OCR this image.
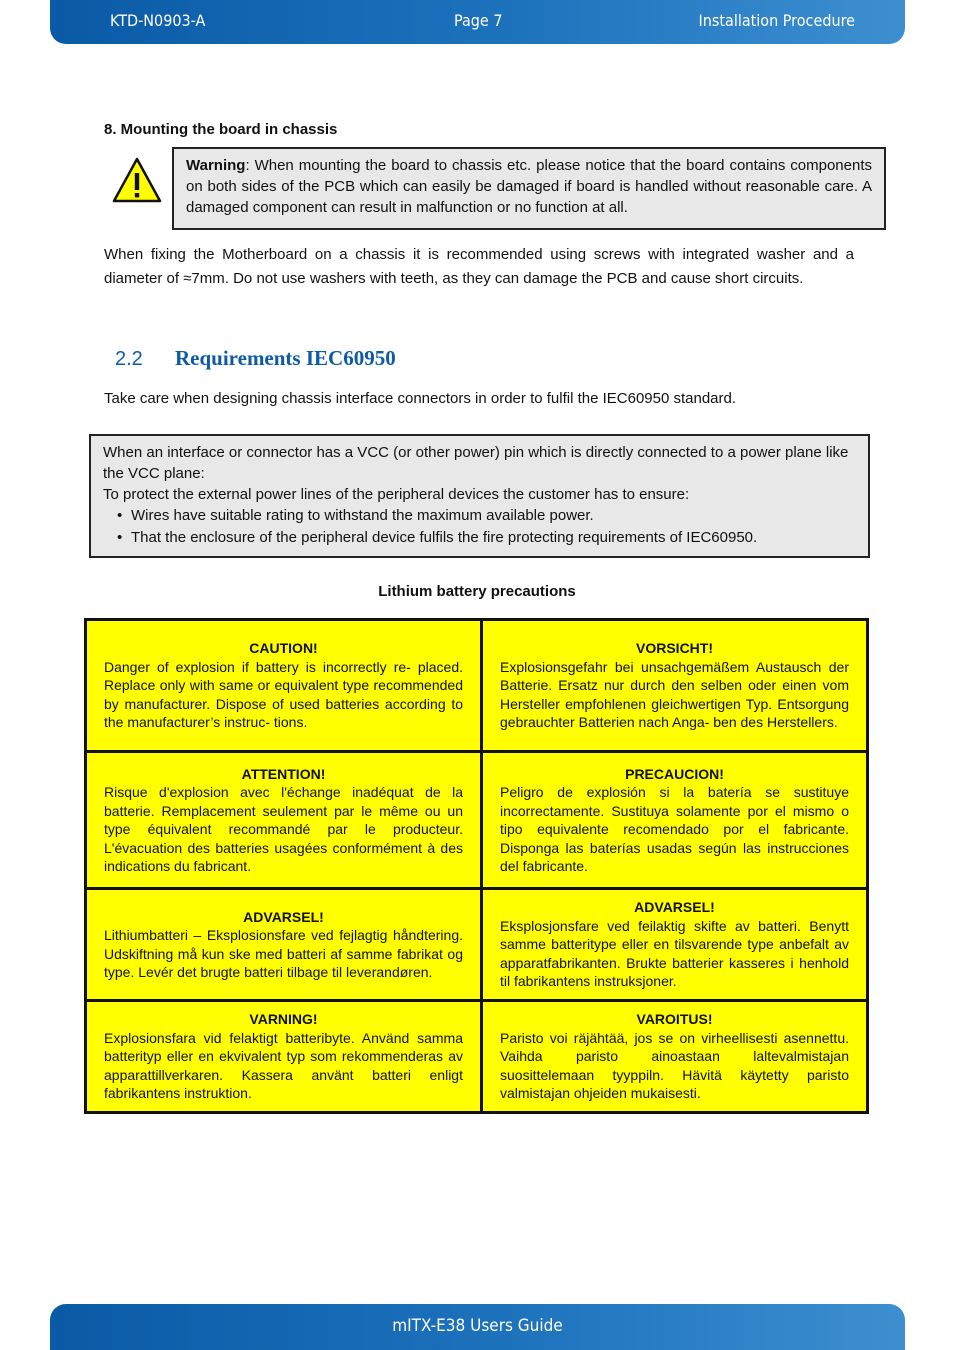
KTD-N0903-A	Page 7	Installation Procedure
8. Mounting the board in chassis
Warning: When mounting the board to chassis etc. please notice that the board contains components on both sides of the PCB which can easily be damaged if board is handled without reasonable care. A damaged component can result in malfunction or no function at all.
When fixing the Motherboard on a chassis it is recommended using screws with integrated washer and a diameter of ≈7mm. Do not use washers with teeth, as they can damage the PCB and cause short circuits.
2.2 Requirements IEC60950
Take care when designing chassis interface connectors in order to fulfil the IEC60950 standard.
When an interface or connector has a VCC (or other power) pin which is directly connected to a power plane like the VCC plane:
To protect the external power lines of the peripheral devices the customer has to ensure:
• Wires have suitable rating to withstand the maximum available power.
• That the enclosure of the peripheral device fulfils the fire protecting requirements of IEC60950.
Lithium battery precautions
CAUTION!
Danger of explosion if battery is incorrectly re- placed. Replace only with same or equivalent type recommended by manufacturer. Dispose of used batteries according to the manufacturer’s instruc- tions.
VORSICHT!
Explosionsgefahr bei unsachgemäßem Austausch der Batterie. Ersatz nur durch den selben oder einen vom Hersteller empfohlenen gleichwertigen Typ. Entsorgung gebrauchter Batterien nach Anga- ben des Herstellers.
ATTENTION!
Risque d'explosion avec l'échange inadéquat de la batterie. Remplacement seulement par le même ou un type équivalent recommandé par le producteur. L'évacuation des batteries usagées conformément à des indications du fabricant.
PRECAUCION!
Peligro de explosión si la batería se sustituye incorrectamente. Sustituya solamente por el mismo o tipo equivalente recomendado por el fabricante. Disponga las baterías usadas según las instrucciones del fabricante.
ADVARSEL!
Lithiumbatteri – Eksplosionsfare ved fejlagtig håndtering. Udskiftning må kun ske med batteri af samme fabrikat og type. Levér det brugte batteri tilbage til leverandøren.
ADVARSEL!
Eksplosjonsfare ved feilaktig skifte av batteri. Benytt samme batteritype eller en tilsvarende type anbefalt av apparatfabrikanten. Brukte batterier kasseres i henhold til fabrikantens instruksjoner.
VARNING!
Explosionsfara vid felaktigt batteribyte. Använd samma batterityp eller en ekvivalent typ som rekommenderas av apparattillverkaren. Kassera använt batteri enligt fabrikantens instruktion.
VAROITUS!
Paristo voi räjähtää, jos se on virheellisesti asennettu. Vaihda paristo ainoastaan laltevalmistajan suosittelemaan tyyppiln. Hävitä käytetty paristo valmistajan ohjeiden mukaisesti.
mITX-E38 Users Guide
